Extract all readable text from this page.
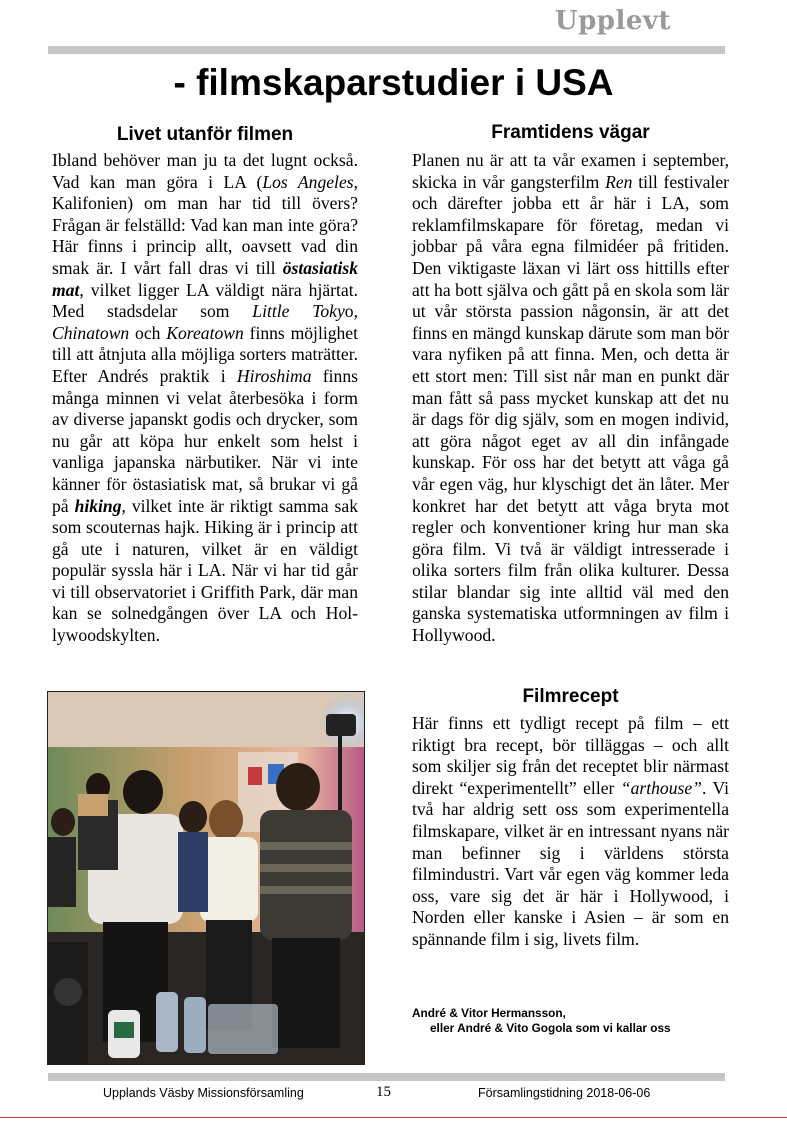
Upplevt
- filmskaparstudier i USA
Livet utanför filmen

Ibland behöver man ju ta det lugnt också. Vad kan man göra i LA (Los Angeles, Kalifonien) om man har tid till övers? Frågan är felställd: Vad kan man inte göra? Här finns i princip allt, oavsett vad din smak är. I vårt fall dras vi till östasiatisk mat, vilket ligger LA väldigt nära hjärtat. Med stadsdelar som Little Tokyo, Chinatown och Koreatown finns möjlighet till att åtnjuta alla möjliga sorters maträtter. Efter Andrés praktik i Hiroshima finns många minnen vi velat återbesöka i form av diverse japanskt godis och drycker, som nu går att köpa hur enkelt som helst i vanliga japanska närbutiker. När vi inte känner för östasiatisk mat, så brukar vi gå på hiking, vilket inte är riktigt samma sak som scouternas hajk. Hiking är i princip att gå ute i naturen, vilket är en väldigt populär syssla här i LA. När vi har tid går vi till observatoriet i Griffith Park, där man kan se solnedgången över LA och Hollywoodskylten.

Framtidens vägar

Planen nu är att ta vår examen i september, skicka in vår gangsterfilm Ren till festivaler och därefter jobba ett år här i LA, som reklamfilmskapare för företag, medan vi jobbar på våra egna filmidéer på fritiden. Den viktigaste läxan vi lärt oss hittills efter att ha bott själva och gått på en skola som lär ut vår största passion någonsin, är att det finns en mängd kunskap därute som man bör vara nyfiken på att finna. Men, och detta är ett stort men: Till sist når man en punkt där man fått så pass mycket kunskap att det nu är dags för dig själv, som en mogen individ, att göra något eget av all din infångade kunskap. För oss har det betytt att våga gå vår egen väg, hur klyschigt det än låter. Mer konkret har det betytt att våga bryta mot regler och konventioner kring hur man ska göra film. Vi två är väldigt intresserade i olika sorters film från olika kulturer. Dessa stilar blandar sig inte alltid väl med den ganska systematiska utformningen av film i Hollywood.

Filmrecept

Här finns ett tydligt recept på film – ett riktigt bra recept, bör tilläggas – och allt som skiljer sig från det receptet blir närmast direkt “experimentellt” eller “arthouse”. Vi två har aldrig sett oss som experimentella filmskapare, vilket är en intressant nyans när man befinner sig i världens största filmindustri. Vart vår egen väg kommer leda oss, vare sig det är här i Hollywood, i Norden eller kanske i Asien – är som en spännande film i sig, livets film.

André & Vitor Hermansson,
eller André & Vito Gogola som vi kallar oss
Upplands Väsby Missionsförsamling	15	Församlingstidning 2018-06-06
